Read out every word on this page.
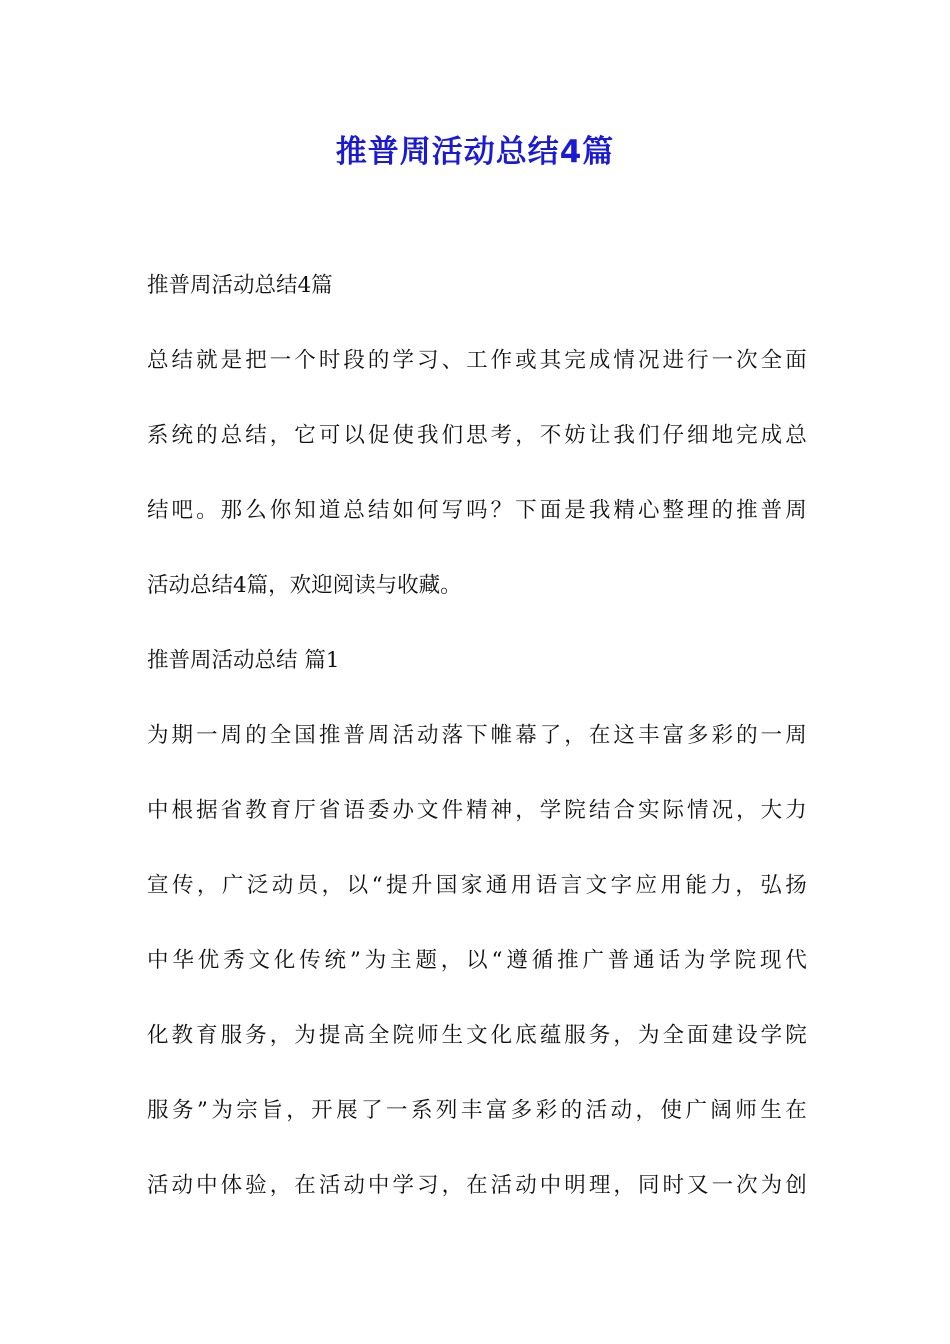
推普周活动总结4篇
推普周活动总结4篇
总 结 就 是 把 一 个 时 段 的 学 习 、 工 作 或 其 完 成 情 况 进 行 一 次 全 面
系 统 的 总 结 ， 它 可 以 促 使 我 们 思 考 ， 不 妨 让 我 们 仔 细 地 完 成 总
结 吧 。 那 么 你 知 道 总 结 如 何 写 吗 ？ 下 面 是 我 精 心 整 理 的 推 普 周
活动总结4篇，欢迎阅读与收藏。
推普周活动总结 篇1
为 期 一 周 的 全 国 推 普 周 活 动 落 下 帷 幕 了 ， 在 这 丰 富 多 彩 的 一 周
中 根 据 省 教 育 厅 省 语 委 办 文 件 精 神 ， 学 院 结 合 实 际 情 况 ， 大 力
宣 传 ， 广 泛 动 员 ， 以 “ 提 升 国 家 通 用 语 言 文 字 应 用 能 力 ， 弘 扬
中 华 优 秀 文 化 传 统 ” 为 主 题 ， 以 “ 遵 循 推 广 普 通 话 为 学 院 现 代
化 教 育 服 务 ， 为 提 高 全 院 师 生 文 化 底 蕴 服 务 ， 为 全 面 建 设 学 院
服 务 ” 为 宗 旨 ， 开 展 了 一 系 列 丰 富 多 彩 的 活 动 ， 使 广 阔 师 生 在
活 动 中 体 验 ， 在 活 动 中 学 习 ， 在 活 动 中 明 理 ， 同 时 又 一 次 为 创
